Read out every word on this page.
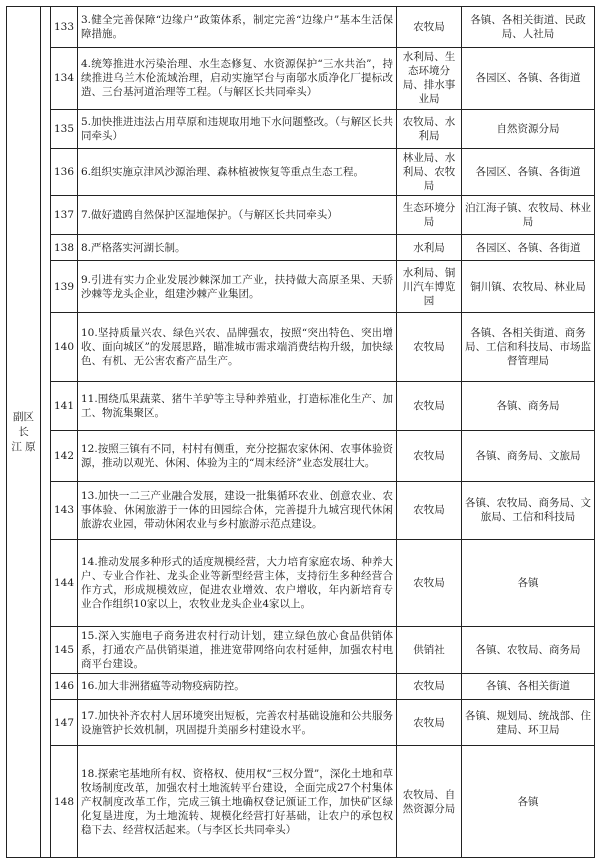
副区长
江 原		133	3.健全完善保障“边缘户”政策体系，制定完善“边缘户”基本生活保障措施。	农牧局	各镇、各相关街道、民政局、人社局
		134	4.统筹推进水污染治理、水生态修复、水资源保护“三水共治”，持续推进乌兰木伦流域治理，启动实施罕台与南邬水质净化厂提标改造、三台基河道治理等工程。（与解区长共同牵头）	水利局、生态环境分局、排水事业局	各园区、各镇、各街道
		135	5.加快推进违法占用草原和违规取用地下水问题整改。（与解区长共同牵头）	农牧局、水利局	自然资源分局
		136	6.组织实施京津风沙源治理、森林植被恢复等重点生态工程。	林业局、水利局、农牧局	各园区、各镇、各街道
		137	7.做好遗鸥自然保护区湿地保护。（与解区长共同牵头）	生态环境分局	泊江海子镇、农牧局、林业局
		138	8.严格落实河湖长制。	水利局	各园区、各镇、各街道
		139	9.引进有实力企业发展沙棘深加工产业，扶持做大高原圣果、天骄沙棘等龙头企业，组建沙棘产业集团。	水利局、铜川汽车博览园	铜川镇、农牧局、林业局
		140	10.坚持质量兴农、绿色兴农、品牌强农，按照“突出特色、突出增收、面向城区”的发展思路，瞄准城市需求端消费结构升级，加快绿色、有机、无公害农畜产品生产。	农牧局	各镇、各相关街道、商务局、工信和科技局、市场监督管理局
		141	11.围绕瓜果蔬菜、猪牛羊驴等主导种养殖业，打造标准化生产、加工、物流集聚区。	农牧局	各镇、商务局
		142	12.按照三镇有不同，村村有侧重，充分挖掘农家休闲、农事体验资源，推动以观光、休闲、体验为主的“周末经济”业态发展壮大。	农牧局	各镇、商务局、文旅局
		143	13.加快一二三产业融合发展，建设一批集循环农业、创意农业、农事体验、休闲旅游于一体的田园综合体，完善提升九城宫现代休闲旅游农业园，带动休闲农业与乡村旅游示范点建设。	农牧局	各镇、农牧局、商务局、文旅局、工信和科技局
		144	14.推动发展多种形式的适度规模经营，大力培育家庭农场、种养大户、专业合作社、龙头企业等新型经营主体，支持衍生多种经营合作方式，形成规模效应，促进农业增效、农户增收，年内新培育专业合作组织10家以上，农牧业龙头企业4家以上。	农牧局	各镇
		145	15.深入实施电子商务进农村行动计划，建立绿色放心食品供销体系，打通农产品供销渠道，推进宽带网络向农村延伸，加强农村电商平台建设。	供销社	各镇、农牧局、商务局
		146	16.加大非洲猪瘟等动物疫病防控。	农牧局	各镇、各相关街道
		147	17.加快补齐农村人居环境突出短板，完善农村基础设施和公共服务设施管护长效机制，巩固提升美丽乡村建设水平。	农牧局	各镇、规划局、统战部、住建局、环卫局
		148	18.探索宅基地所有权、资格权、使用权“三权分置”，深化土地和草牧场制度改革，加强农村土地流转平台建设，全面完成27个村集体产权制度改革工作，完成三镇土地确权登记颁证工作，加快矿区绿化复垦进度，为土地流转、规模化经营打好基础，让农户的承包权稳下去、经营权活起来。（与李区长共同牵头）	农牧局、自然资源分局	各镇
